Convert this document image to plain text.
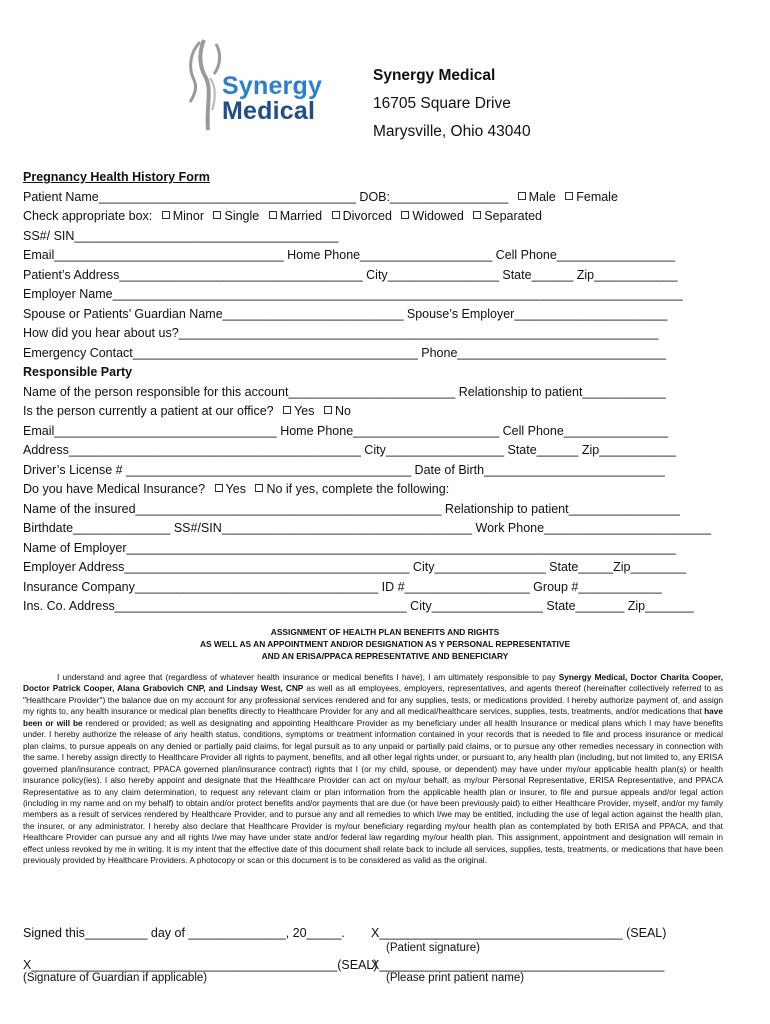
Synergy
Medical
Synergy Medical
16705 Square Drive
Marysville, Ohio 43040
Pregnancy Health History Form
Patient Name_____________________________________ DOB:_________________ Male Female
Check appropriate box: Minor Single Married Divorced Widowed Separated
SS#/ SIN______________________________________
Email_________________________________ Home Phone___________________ Cell Phone_________________
Patient’s Address___________________________________ City________________ State______ Zip____________
Employer Name__________________________________________________________________________________
Spouse or Patients’ Guardian Name__________________________ Spouse’s Employer______________________
How did you hear about us?_____________________________________________________________________
Emergency Contact_________________________________________ Phone______________________________
Responsible Party
Name of the person responsible for this account________________________ Relationship to patient____________
Is the person currently a patient at our office? Yes No
Email________________________________ Home Phone_____________________ Cell Phone_______________
Address__________________________________________ City_________________ State______ Zip___________
Driver’s License # _________________________________________ Date of Birth__________________________
Do you have Medical Insurance? Yes No if yes, complete the following:
Name of the insured____________________________________________ Relationship to patient________________
Birthdate______________ SS#/SIN____________________________________ Work Phone________________________
Name of Employer_______________________________________________________________________________
Employer Address_________________________________________ City________________ State_____Zip________
Insurance Company___________________________________ ID #__________________ Group #____________
Ins. Co. Address__________________________________________ City________________ State_______ Zip_______
ASSIGNMENT OF HEALTH PLAN BENEFITS AND RIGHTS
AS WELL AS AN APPOINTMENT AND/OR DESIGNATION AS Y PERSONAL REPRESENTATIVE
AND AN ERISA/PPACA REPRESENTATIVE AND BENEFICIARY

I understand and agree that (regardless of whatever health insurance or medical benefits I have), I am ultimately responsible to pay Synergy Medical, Doctor Charita Cooper, Doctor Patrick Cooper, Alana Grabovich CNP, and Lindsay West, CNP as well as all employees, employers, representatives, and agents thereof (hereinafter collectively referred to as "Healthcare Provider") the balance due on my account for any professional services rendered and for any supplies, tests, or medications provided. I hereby authorize payment of, and assign my rights to, any health insurance or medical plan benefits directly to Healthcare Provider for any and all medical/healthcare services, supplies, tests, treatments, and/or medications that have been or will be rendered or provided; as well as designating and appointing Healthcare Provider as my beneficiary under all health Insurance or medical plans which I may have benefits under. I hereby authorize the release of any health status, conditions, symptoms or treatment information contained in your records that is needed to file and process insurance or medical plan claims, to pursue appeals on any denied or partially paid claims, for legal pursuit as to any unpaid or partially paid claims, or to pursue any other remedies necessary in connection with the same. I hereby assign directly to Healthcare Provider all rights to payment, benefits, and all other legal rights under, or pursuant to, any health plan (including, but not limited to, any ERISA governed plan/insurance contract, PPACA governed plan/insurance contract) rights that I (or my child, spouse, or dependent) may have under my/our applicable health plan(s) or health insurance policy(ies). I also hereby appoint and designate that the Healthcare Provider can act on my/our behalf, as my/our Personal Representative, ERISA Representative, and PPACA Representative as to any claim determination, to request any relevant claim or plan information from the applicable health plan or insurer, to file and pursue appeals and/or legal action (including in my name and on my behalf) to obtain and/or protect benefits and/or payments that are due (or have been previously paid) to either Healthcare Provider, myself, and/or my family members as a result of services rendered by Healthcare Provider, and to pursue any and all remedies to which I/we may be entitled, including the use of legal action against the health plan, the insurer, or any administrator. I hereby also declare that Healthcare Provider is my/our beneficiary regarding my/our health plan as contemplated by both ERISA and PPACA, and that Healthcare Provider can pursue any and all rights I/we may have under state and/or federal law regarding my/our health plan. This assignment, appointment and designation will remain in effect unless revoked by me in writing. It is my intent that the effective date of this document shall relate back to include all services, supplies, tests, treatments, or medications that have been previously provided by Healthcare Providers. A photocopy or scan or this document is to be considered as valid as the original.

Signed this_________ day of ______________, 20_____. X___________________________________ (SEAL)
(Patient signature)
X____________________________________________(SEAL)
X_________________________________________
(Signature of Guardian if applicable)	(Please print patient name)
